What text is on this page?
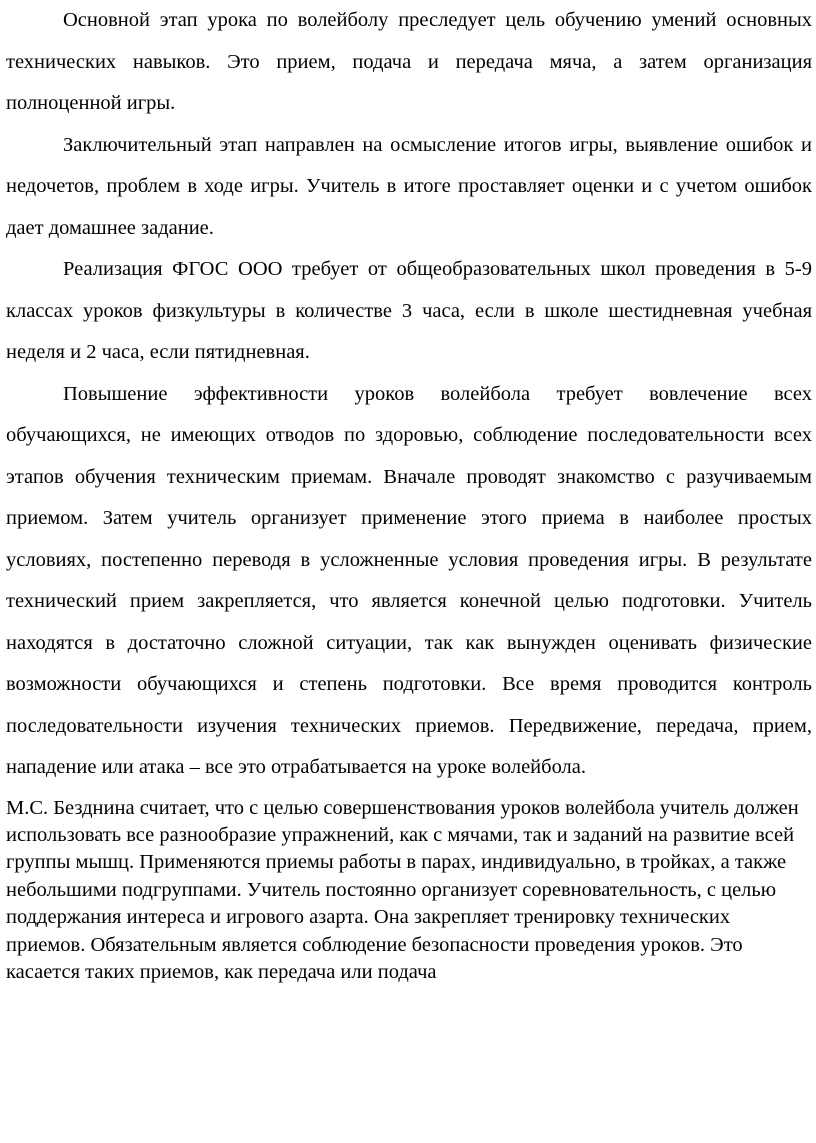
Основной этап урока по волейболу преследует цель обучению умений основных технических навыков. Это прием, подача и передача мяча, а затем организация полноценной игры.

Заключительный этап направлен на осмысление итогов игры, выявление ошибок и недочетов, проблем в ходе игры. Учитель в итоге проставляет оценки и с учетом ошибок дает домашнее задание.

Реализация ФГОС ООО требует от общеобразовательных школ проведения в 5-9 классах уроков физкультуры в количестве 3 часа, если в школе шестидневная учебная неделя и 2 часа, если пятидневная.

Повышение эффективности уроков волейбола требует вовлечение всех обучающихся, не имеющих отводов по здоровью, соблюдение последовательности всех этапов обучения техническим приемам. Вначале проводят знакомство с разучиваемым приемом. Затем учитель организует применение этого приема в наиболее простых условиях, постепенно переводя в усложненные условия проведения игры. В результате технический прием закрепляется, что является конечной целью подготовки. Учитель находятся в достаточно сложной ситуации, так как вынужден оценивать физические возможности обучающихся и степень подготовки. Все время проводится контроль последовательности изучения технических приемов. Передвижение, передача, прием, нападение или атака – все это отрабатывается на уроке волейбола.

М.С. Безднина считает, что с целью совершенствования уроков волейбола учитель должен использовать все разнообразие упражнений, как с мячами, так и заданий на развитие всей группы мышц. Применяются приемы работы в парах, индивидуально, в тройках, а также небольшими подгруппами. Учитель постоянно организует соревновательность, с целью поддержания интереса и игрового азарта. Она закрепляет тренировку технических приемов. Обязательным является соблюдение безопасности проведения уроков. Это касается таких приемов, как передача или подача
